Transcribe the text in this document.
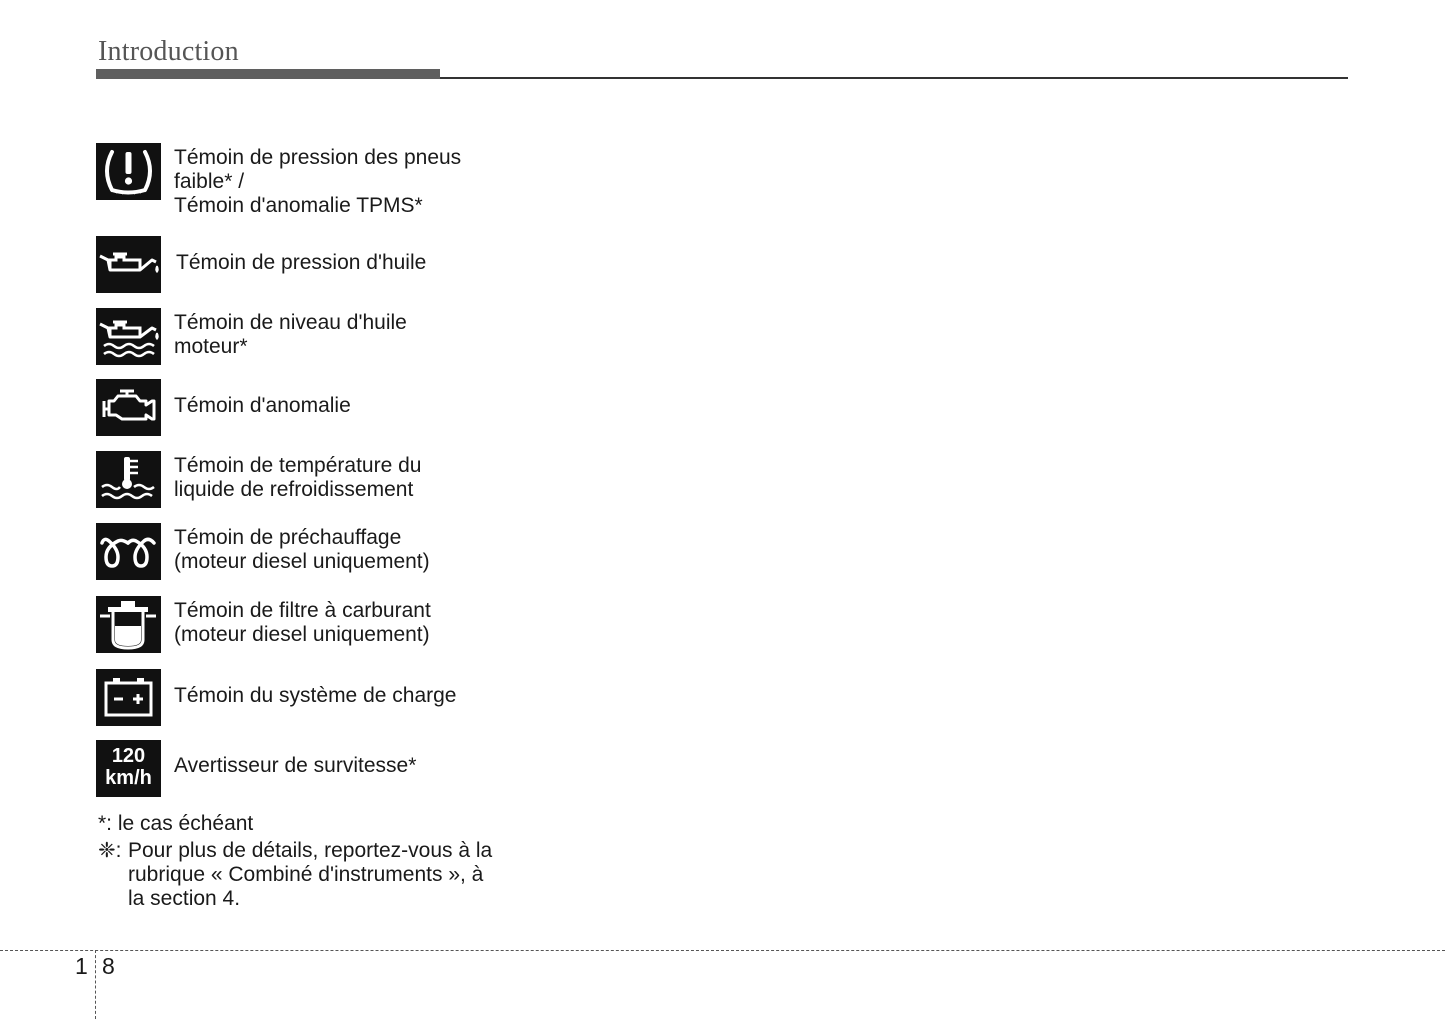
Introduction
Témoin de pression des pneus
faible* /
Témoin d'anomalie TPMS*
Témoin de pression d'huile
Témoin de niveau d'huile
moteur*
Témoin d'anomalie
Témoin de température du
liquide de refroidissement
Témoin de préchauffage
(moteur diesel uniquement)
Témoin de filtre à carburant
(moteur diesel uniquement)
Témoin du système de charge
120
km/h
Avertisseur de survitesse*
*: le cas échéant
❈: Pour plus de détails, reportez-vous à la
rubrique « Combiné d'instruments », à
la section 4.
1 8
